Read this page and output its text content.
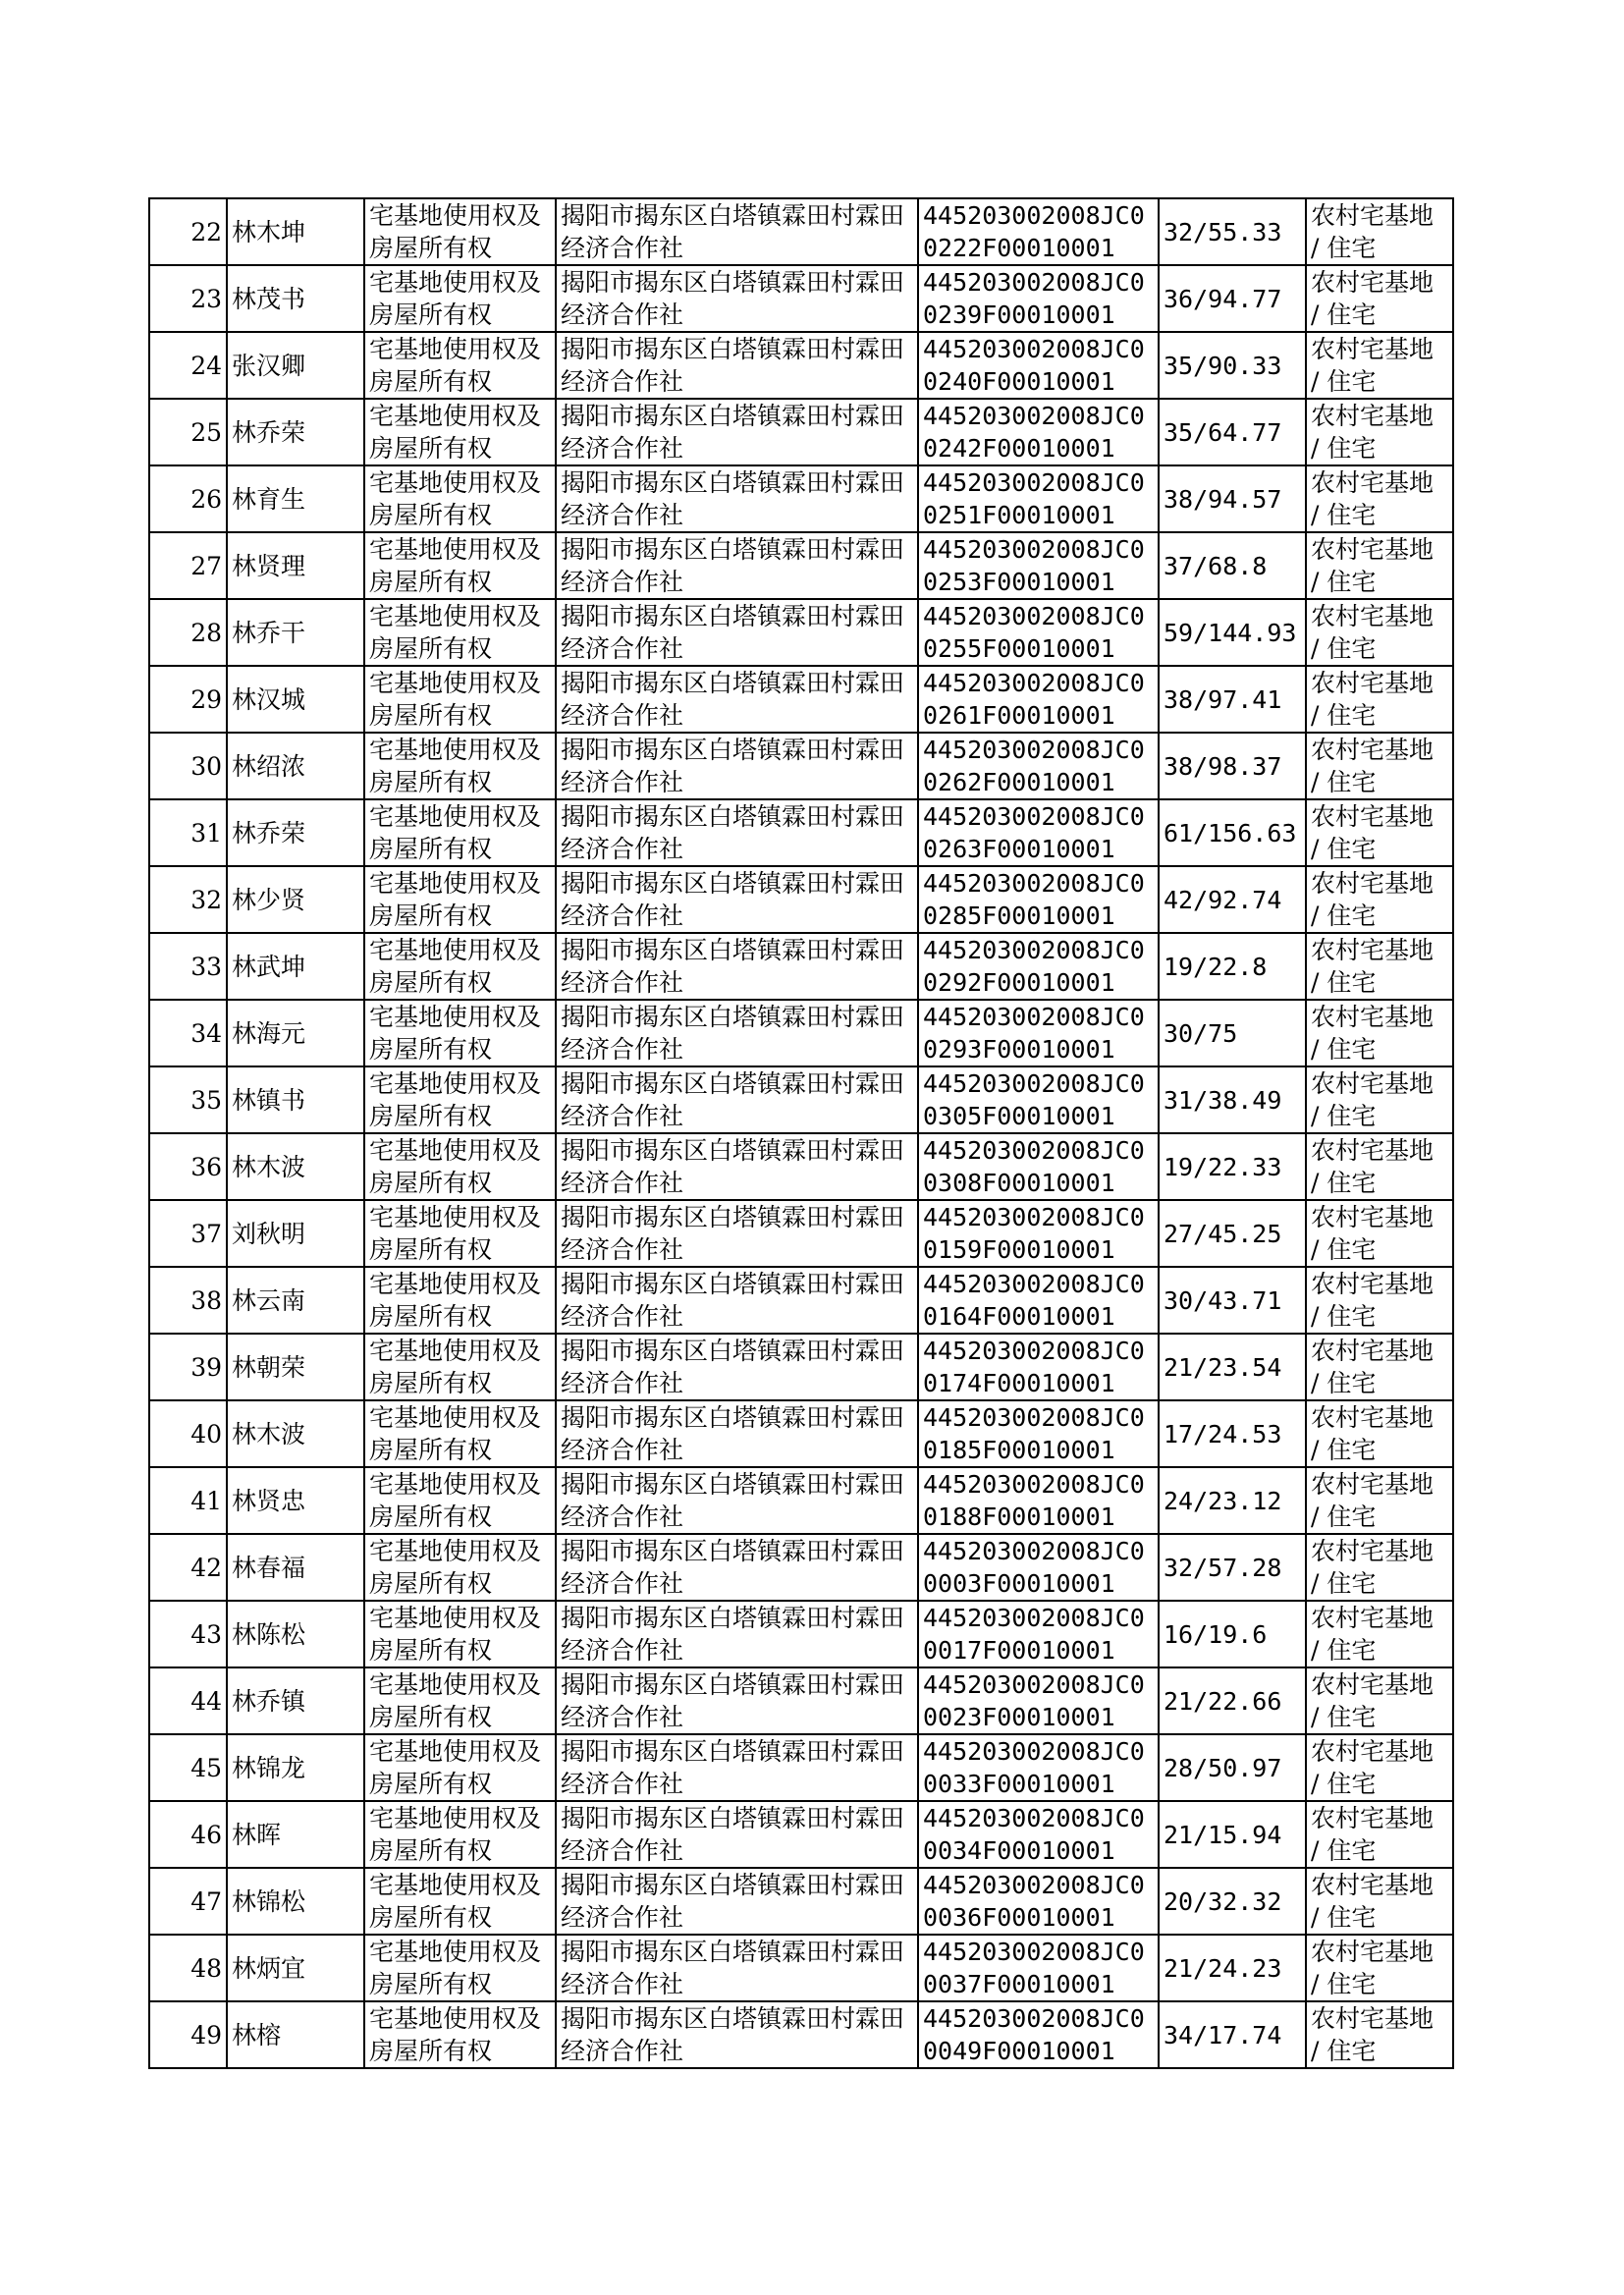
22	林木坤	宅基地使用权及房屋所有权	揭阳市揭东区白塔镇霖田村霖田经济合作社	445203002008JC00222F00010001	32/55.33	农村宅基地 / 住宅
23	林茂书	宅基地使用权及房屋所有权	揭阳市揭东区白塔镇霖田村霖田经济合作社	445203002008JC00239F00010001	36/94.77	农村宅基地 / 住宅
24	张汉卿	宅基地使用权及房屋所有权	揭阳市揭东区白塔镇霖田村霖田经济合作社	445203002008JC00240F00010001	35/90.33	农村宅基地 / 住宅
25	林乔荣	宅基地使用权及房屋所有权	揭阳市揭东区白塔镇霖田村霖田经济合作社	445203002008JC00242F00010001	35/64.77	农村宅基地 / 住宅
26	林育生	宅基地使用权及房屋所有权	揭阳市揭东区白塔镇霖田村霖田经济合作社	445203002008JC00251F00010001	38/94.57	农村宅基地 / 住宅
27	林贤理	宅基地使用权及房屋所有权	揭阳市揭东区白塔镇霖田村霖田经济合作社	445203002008JC00253F00010001	37/68.8	农村宅基地 / 住宅
28	林乔干	宅基地使用权及房屋所有权	揭阳市揭东区白塔镇霖田村霖田经济合作社	445203002008JC00255F00010001	59/144.93	农村宅基地 / 住宅
29	林汉城	宅基地使用权及房屋所有权	揭阳市揭东区白塔镇霖田村霖田经济合作社	445203002008JC00261F00010001	38/97.41	农村宅基地 / 住宅
30	林绍浓	宅基地使用权及房屋所有权	揭阳市揭东区白塔镇霖田村霖田经济合作社	445203002008JC00262F00010001	38/98.37	农村宅基地 / 住宅
31	林乔荣	宅基地使用权及房屋所有权	揭阳市揭东区白塔镇霖田村霖田经济合作社	445203002008JC00263F00010001	61/156.63	农村宅基地 / 住宅
32	林少贤	宅基地使用权及房屋所有权	揭阳市揭东区白塔镇霖田村霖田经济合作社	445203002008JC00285F00010001	42/92.74	农村宅基地 / 住宅
33	林武坤	宅基地使用权及房屋所有权	揭阳市揭东区白塔镇霖田村霖田经济合作社	445203002008JC00292F00010001	19/22.8	农村宅基地 / 住宅
34	林海元	宅基地使用权及房屋所有权	揭阳市揭东区白塔镇霖田村霖田经济合作社	445203002008JC00293F00010001	30/75	农村宅基地 / 住宅
35	林镇书	宅基地使用权及房屋所有权	揭阳市揭东区白塔镇霖田村霖田经济合作社	445203002008JC00305F00010001	31/38.49	农村宅基地 / 住宅
36	林木波	宅基地使用权及房屋所有权	揭阳市揭东区白塔镇霖田村霖田经济合作社	445203002008JC00308F00010001	19/22.33	农村宅基地 / 住宅
37	刘秋明	宅基地使用权及房屋所有权	揭阳市揭东区白塔镇霖田村霖田经济合作社	445203002008JC00159F00010001	27/45.25	农村宅基地 / 住宅
38	林云南	宅基地使用权及房屋所有权	揭阳市揭东区白塔镇霖田村霖田经济合作社	445203002008JC00164F00010001	30/43.71	农村宅基地 / 住宅
39	林朝荣	宅基地使用权及房屋所有权	揭阳市揭东区白塔镇霖田村霖田经济合作社	445203002008JC00174F00010001	21/23.54	农村宅基地 / 住宅
40	林木波	宅基地使用权及房屋所有权	揭阳市揭东区白塔镇霖田村霖田经济合作社	445203002008JC00185F00010001	17/24.53	农村宅基地 / 住宅
41	林贤忠	宅基地使用权及房屋所有权	揭阳市揭东区白塔镇霖田村霖田经济合作社	445203002008JC00188F00010001	24/23.12	农村宅基地 / 住宅
42	林春福	宅基地使用权及房屋所有权	揭阳市揭东区白塔镇霖田村霖田经济合作社	445203002008JC00003F00010001	32/57.28	农村宅基地 / 住宅
43	林陈松	宅基地使用权及房屋所有权	揭阳市揭东区白塔镇霖田村霖田经济合作社	445203002008JC00017F00010001	16/19.6	农村宅基地 / 住宅
44	林乔镇	宅基地使用权及房屋所有权	揭阳市揭东区白塔镇霖田村霖田经济合作社	445203002008JC00023F00010001	21/22.66	农村宅基地 / 住宅
45	林锦龙	宅基地使用权及房屋所有权	揭阳市揭东区白塔镇霖田村霖田经济合作社	445203002008JC00033F00010001	28/50.97	农村宅基地 / 住宅
46	林晖	宅基地使用权及房屋所有权	揭阳市揭东区白塔镇霖田村霖田经济合作社	445203002008JC00034F00010001	21/15.94	农村宅基地 / 住宅
47	林锦松	宅基地使用权及房屋所有权	揭阳市揭东区白塔镇霖田村霖田经济合作社	445203002008JC00036F00010001	20/32.32	农村宅基地 / 住宅
48	林炳宜	宅基地使用权及房屋所有权	揭阳市揭东区白塔镇霖田村霖田经济合作社	445203002008JC00037F00010001	21/24.23	农村宅基地 / 住宅
49	林榕	宅基地使用权及房屋所有权	揭阳市揭东区白塔镇霖田村霖田经济合作社	445203002008JC00049F00010001	34/17.74	农村宅基地 / 住宅
